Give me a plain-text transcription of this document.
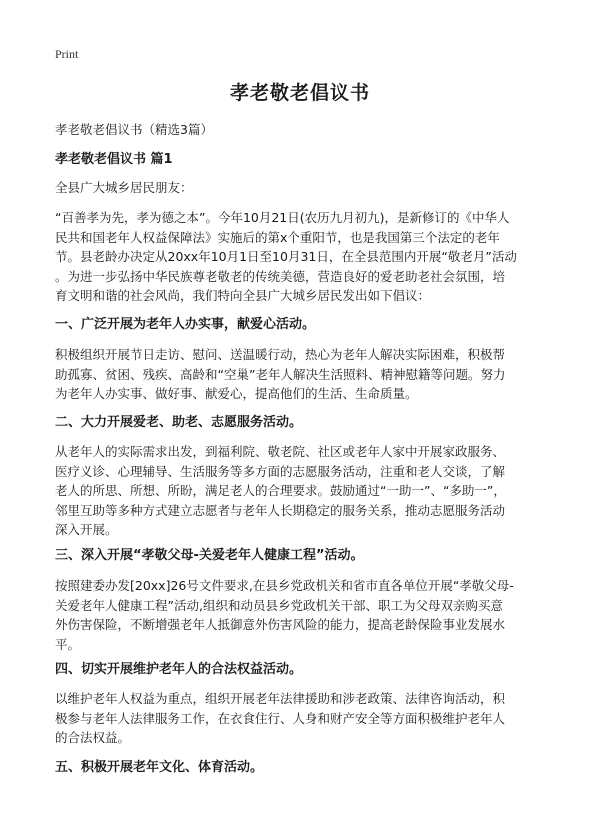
Print
孝老敬老倡议书

孝老敬老倡议书（精选3篇）

孝老敬老倡议书 篇1

全县广大城乡居民朋友：

“百善孝为先，孝为德之本”。今年10月21日(农历九月初九)，是新修订的《中华人
民共和国老年人权益保障法》实施后的第x个重阳节，也是我国第三个法定的老年
节。县老龄办决定从20xx年10月1日至10月31日，在全县范围内开展“敬老月”活动
。为进一步弘扬中华民族尊老敬老的传统美德，营造良好的爱老助老社会氛围，培
育文明和谐的社会风尚，我们特向全县广大城乡居民发出如下倡议：

一、广泛开展为老年人办实事，献爱心活动。

积极组织开展节日走访、慰问、送温暖行动，热心为老年人解决实际困难，积极帮
助孤寡、贫困、残疾、高龄和“空巢”老年人解决生活照料、精神慰籍等问题。努力
为老年人办实事、做好事、献爱心，提高他们的生活、生命质量。

二、大力开展爱老、助老、志愿服务活动。

从老年人的实际需求出发，到福利院、敬老院、社区或老年人家中开展家政服务、
医疗义诊、心理辅导、生活服务等多方面的志愿服务活动，注重和老人交谈，了解
老人的所思、所想、所盼，满足老人的合理要求。鼓励通过“一助一”、“多助一”，
邻里互助等多种方式建立志愿者与老年人长期稳定的服务关系，推动志愿服务活动
深入开展。

三、深入开展“孝敬父母-关爱老年人健康工程”活动。

按照建委办发[20xx]26号文件要求,在县乡党政机关和省市直各单位开展“孝敬父母-
关爱老年人健康工程”活动,组织和动员县乡党政机关干部、职工为父母双亲购买意
外伤害保险，不断增强老年人抵御意外伤害风险的能力，提高老龄保险事业发展水
平。

四、切实开展维护老年人的合法权益活动。

以维护老年人权益为重点，组织开展老年法律援助和涉老政策、法律咨询活动，积
极参与老年人法律服务工作，在衣食住行、人身和财产安全等方面积极维护老年人
的合法权益。

五、积极开展老年文化、体育活动。
